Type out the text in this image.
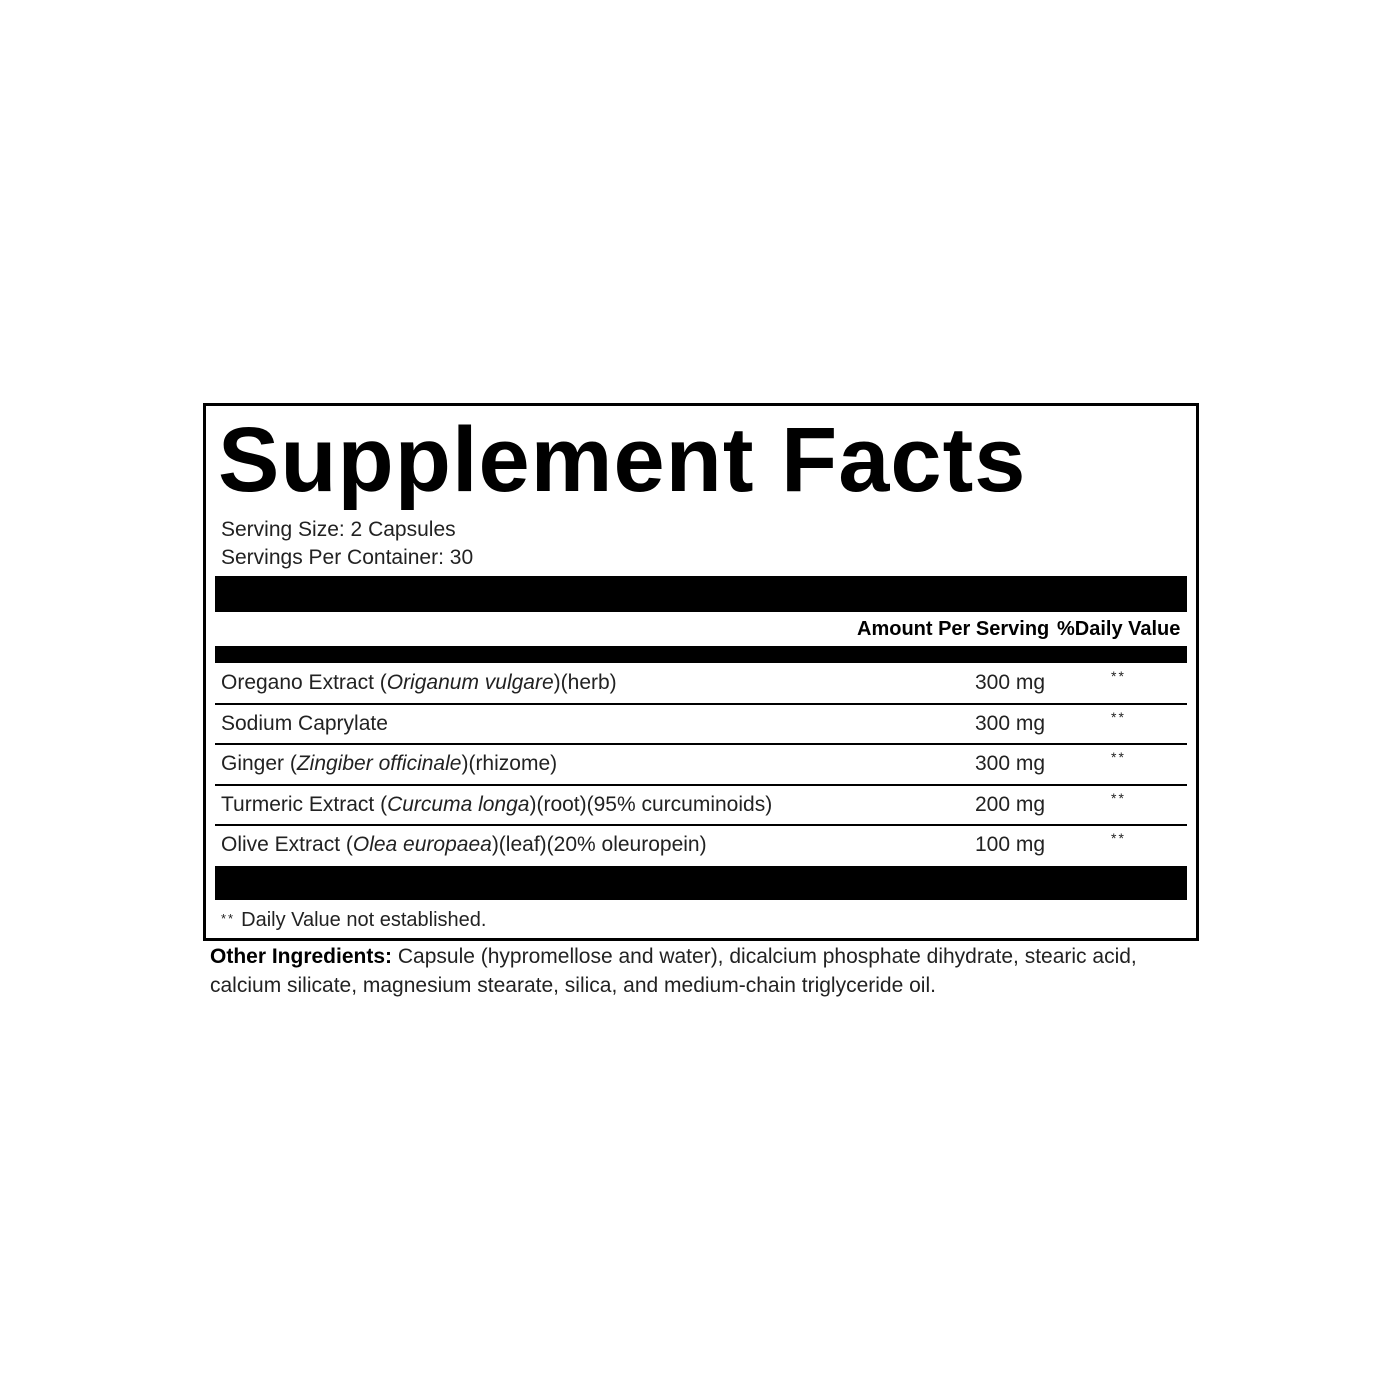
Supplement Facts
Serving Size: 2 Capsules
Servings Per Container: 30
Amount Per Serving %Daily Value
Oregano Extract (Origanum vulgare)(herb)	300 mg	**
Sodium Caprylate	300 mg	**
Ginger (Zingiber officinale)(rhizome)	300 mg	**
Turmeric Extract (Curcuma longa)(root)(95% curcuminoids)	200 mg	**
Olive Extract (Olea europaea)(leaf)(20% oleuropein)	100 mg	**
** Daily Value not established.
Other Ingredients: Capsule (hypromellose and water), dicalcium phosphate dihydrate, stearic acid, calcium silicate, magnesium stearate, silica, and medium-chain triglyceride oil.
